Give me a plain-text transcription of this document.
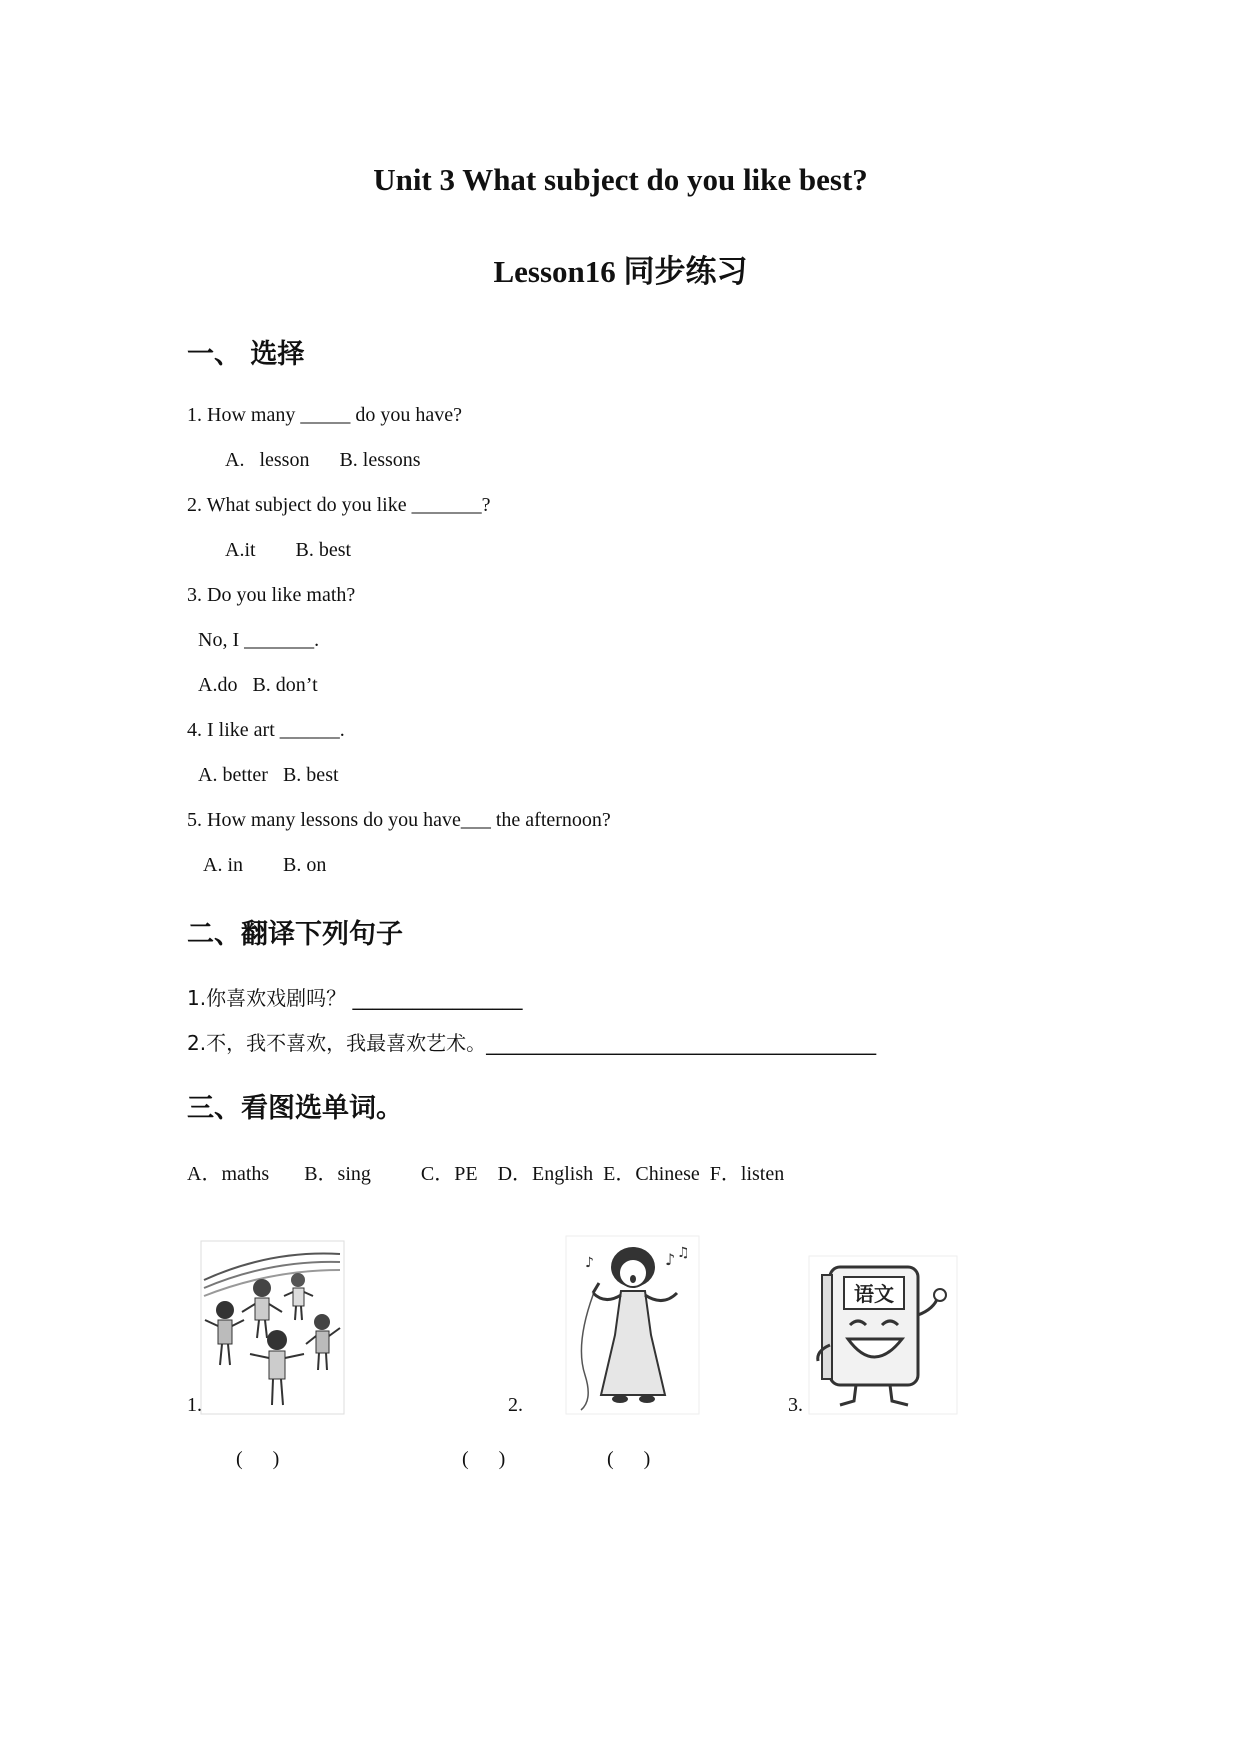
Unit 3 What subject do you like best?
Lesson16 同步练习
一、 选择
1. How many _____ do you have?
A.   lesson      B. lessons
2. What subject do you like _______?
A.it        B. best
3. Do you like math?
No, I _______.
A.do   B. don’t
4. I like art ______.
A. better   B. best
5. How many lessons do you have___ the afternoon?
A. in        B. on
二、翻译下列句子
1.你喜欢戏剧吗？ _________________
2.不，我不喜欢，我最喜欢艺术。_______________________________________
三、看图选单词。
A．maths       B．sing          C．PE    D．English  E．Chinese  F．listen
1.
♪ ♫
♪
2.
语文
3.
(      )	(      )	(      )
